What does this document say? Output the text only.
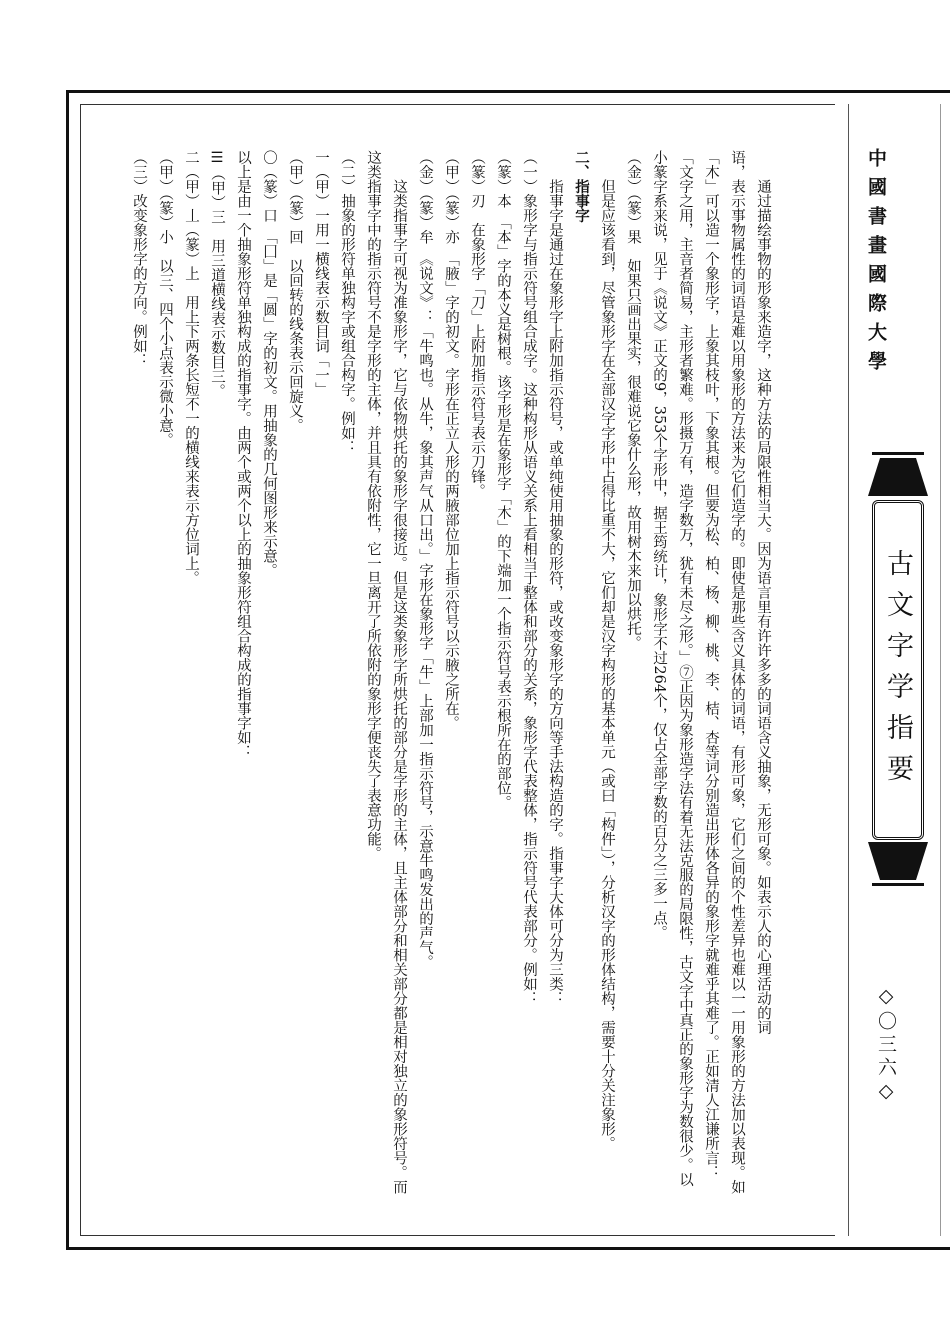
通过描绘事物的形象来造字，这种方法的局限性相当大。因为语言里有许许多多的词语含义抽象，无形可象。如表示人的心理活动的词

语，表示事物属性的词语是难以用象形的方法来为它们造字的。即使是那些含义具体的词语，有形可象，它们之间的个性差异也难以一一用象形的方法加以表现。如「木」可以造一个象形字，上象其枝叶，下象其根。但要为松、柏、杨、柳、桃、李、桔、杏等词分别造出形体各异的象形字就难乎其难了。正如清人江谦所言：「文字之用，主音者简易，主形者繁难。形摄万有，造字数万，犹有未尽之形。」⑦正因为象形造字法有着无法克服的局限性，古文字中真正的象形字为数很少。以小篆字系来说，见于《说文》正文的9，353个字形中，据王筠统计，象形字不过264个，仅占全部字数的百分之三多一点。

（金）（篆）果　如果只画出果实，很难说它象什么形，故用树木来加以烘托。

但是应该看到，尽管象形字在全部汉字字形中占得比重不大，它们却是汉字构形的基本单元（或曰「构件」），分析汉字的形体结构，需要十分关注象形。

二、指事字

指事字是通过在象形字上附加指示符号，或单纯使用抽象的形符，或改变象形字的方向等手法构造的字。指事字大体可分为三类：

（一）象形字与指示符号组合成字。这种构形从语义关系上看相当于整体和部分的关系，象形字代表整体，指示符号代表部分。例如：

（篆）本　「本」字的本义是树根。该字形是在象形字「木」的下端加一个指示符号表示根所在的部位。

（篆）刃　在象形字「刀」上附加指示符号表示刀锋。

（甲）（篆）亦　「腋」字的初文。字形在正立人形的两腋部位加上指示符号以示腋之所在。

（金）（篆）牟　《说文》：「牛鸣也。从牛，象其声气从口出。」字形在象形字「牛」上部加一指示符号，示意牛鸣发出的声气。

这类指事字可视为准象形字，它与依物烘托的象形字很接近。但是这类象形字所烘托的部分是字形的主体，且主体部分和相关部分都是相对独立的象形符号。而这类指事字中的指示符号不是字形的主体，并且具有依附性，它一旦离开了所依附的象形字便丧失了表意功能。

（二）抽象的形符单独构字或组合构字。例如：

一（甲）一用一横线表示数目词「一」

（甲）（篆）回　以回转的线条表示回旋义。

〇（篆）口　「囗」是「圆」字的初文。用抽象的几何图形来示意。

以上是由一个抽象形符单独构成的指事字。由两个或两个以上的抽象形符组合构成的指事字如：

☰（甲）三　用三道横线表示数目三。

二（甲）丄（篆）上　用上下两条长短不一的横线来表示方位词上。

（甲）（篆）小　以三、四个小点表示微小意。

（三）改变象形字的方向。例如：	中國書畫國際大學
古文字学指要
◇〇三六◇
